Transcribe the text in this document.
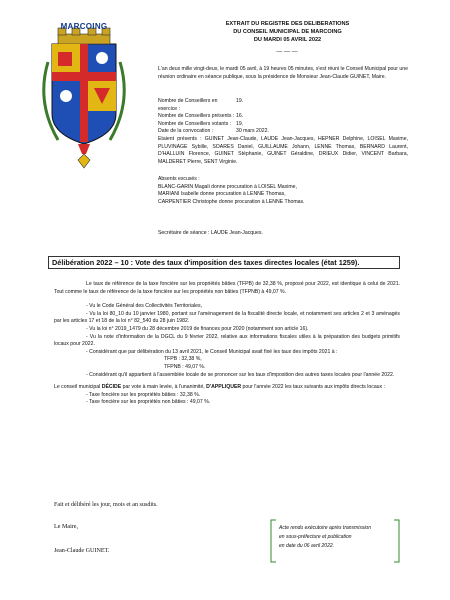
MARCOING	EXTRAIT DU REGISTRE DES DELIBERATIONS
DU CONSEIL MUNICIPAL DE MARCOING
DU MARDI 05 AVRIL 2022
— — —
L'an deux mille vingt-deux, le mardi 05 avril, à 19 heures 05 minutes, s'est réuni le Conseil Municipal pour une réunion ordinaire en séance publique, sous la présidence de Monsieur Jean-Claude GUINET, Maire.
Nombre de Conseillers en exercice :	19.
Nombre de Conseillers présents :	16.
Nombre de Conseillers votants :	19.
Date de la convocation :	30 mars 2022.
Etaient présents : GUINET Jean-Claude, LAUDE Jean-Jacques, HEPNER Delphine, LOISEL Maxime, PLUVINAGE Sybille, SOARES Daniel, GUILLAUME Johann, LENNE Thomas, BERNARD Laurent, D'HALLUIN Florence, GUINET Stéphanie, GUINET Géraldine, DRIEUX Didier, VINCENT Barbara, MALDERET Pierre, SENT Virginie.
Absents excusés :
BLANC-GARIN Magali donne procuration à LOISEL Maxime,
MARIANI Isabelle donne procuration à LENNE Thomas,
CARPENTIER Christophe donne procuration à LENNE Thomas.
Secrétaire de séance : LAUDE Jean-Jacques.
Délibération 2022 – 10 : Vote des taux d'imposition des taxes directes locales (état 1259).

Le taux de référence de la taxe foncière sur les propriétés bâties (TFPB) de 32,38 %, proposé pour 2022, est identique à celui de 2021. Tout comme le taux de référence de la taxe foncière sur les propriétés non bâties (TFPNB) à 49,07 %.

- Vu le Code Général des Collectivités Territoriales,

- Vu la loi 80_10 du 10 janvier 1980, portant sur l'aménagement de la fiscalité directe locale, et notamment ses articles 2 et 3 aménagés par les articles 17 et 18 de la loi n° 82_540 du 28 juin 1982.

- Vu la loi n° 2019_1479 du 28 décembre 2019 de finances pour 2020 (notamment son article 16).

- Vu la note d'information de la DGCL du 9 février 2022, relative aux informations fiscales utiles à la préparation des budgets primitifs locaux pour 2022.

- Considérant que par délibération du 13 avril 2021, le Conseil Municipal avait fixé les taux des impôts 2021 à :

TFPB : 32,38 %,

TFPNB : 49,07 %.

- Considérant qu'il appartient à l'assemblée locale de se prononcer sur les taux d'imposition des autres taxes locales pour l'année 2022.

Le conseil municipal DÉCIDE par vote à main levée, à l'unanimité, D'APPLIQUER pour l'année 2022 les taux suivants aux impôts directs locaux :

- Taxe foncière sur les propriétés bâties : 32,38 %.

- Taxe foncière sur les propriétés non bâties : 49,07 %.

Fait et délibéré les jour, mois et an susdits.
Le Maire,
Jean-Claude GUINET.
Acte rendu exécutoire après transmission
en sous-préfecture et publication
en date du 06 avril 2022.
